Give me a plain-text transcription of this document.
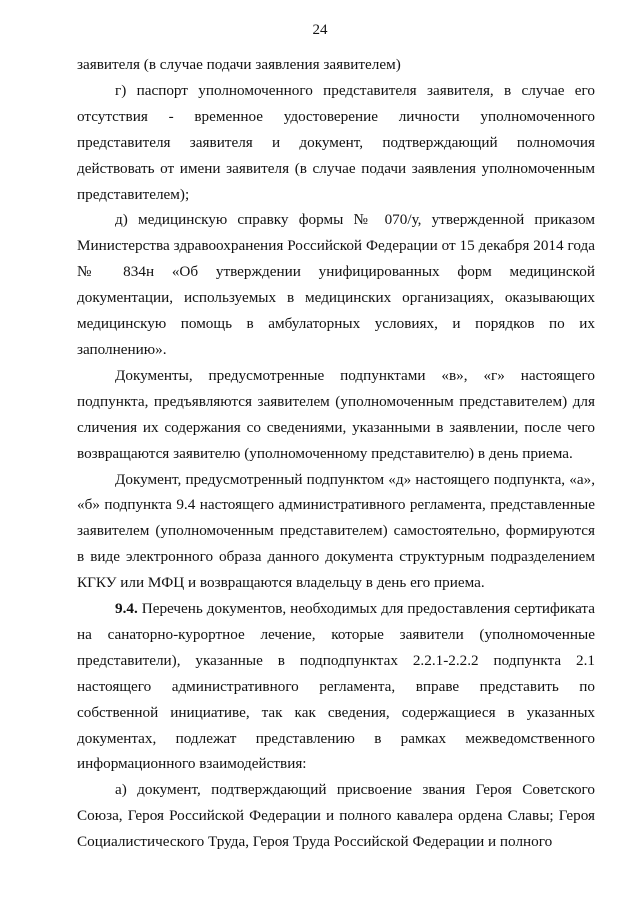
24

заявителя (в случае подачи заявления заявителем)

г) паспорт уполномоченного представителя заявителя, в случае его отсутствия - временное удостоверение личности уполномоченного представителя заявителя и документ, подтверждающий полномочия действовать от имени заявителя (в случае подачи заявления уполномоченным представителем);

д) медицинскую справку формы № 070/у, утвержденной приказом Министерства здравоохранения Российской Федерации от 15 декабря 2014 года № 834н «Об утверждении унифицированных форм медицинской документации, используемых в медицинских организациях, оказывающих медицинскую помощь в амбулаторных условиях, и порядков по их заполнению».

Документы, предусмотренные подпунктами «в», «г» настоящего подпункта, предъявляются заявителем (уполномоченным представителем) для сличения их содержания со сведениями, указанными в заявлении, после чего возвращаются заявителю (уполномоченному представителю) в день приема.

Документ, предусмотренный подпунктом «д» настоящего подпункта, «а», «б» подпункта 9.4 настоящего административного регламента, представленные заявителем (уполномоченным представителем) самостоятельно, формируются в виде электронного образа данного документа структурным подразделением КГКУ или МФЦ и возвращаются владельцу в день его приема.

9.4. Перечень документов, необходимых для предоставления сертификата на санаторно-курортное лечение, которые заявители (уполномоченные представители), указанные в подподпунктах 2.2.1-2.2.2 подпункта 2.1 настоящего административного регламента, вправе представить по собственной инициативе, так как сведения, содержащиеся в указанных документах, подлежат представлению в рамках межведомственного информационного взаимодействия:

а) документ, подтверждающий присвоение звания Героя Советского Союза, Героя Российской Федерации и полного кавалера ордена Славы; Героя Социалистического Труда, Героя Труда Российской Федерации и полного
